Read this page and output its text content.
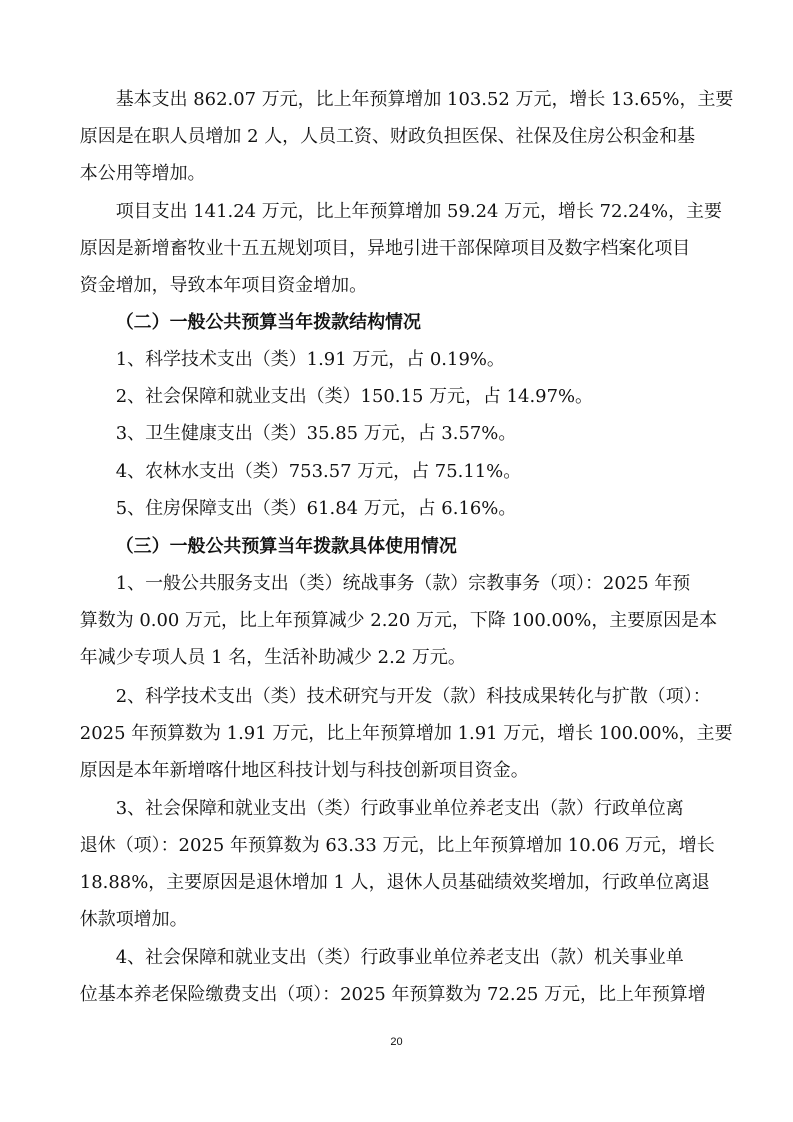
基本支出 862.07 万元，比上年预算增加 103.52 万元，增长 13.65%，主要
原因是在职人员增加 2 人，人员工资、财政负担医保、社保及住房公积金和基
本公用等增加。
项目支出 141.24 万元，比上年预算增加 59.24 万元，增长 72.24%，主要
原因是新增畜牧业十五五规划项目，异地引进干部保障项目及数字档案化项目
资金增加，导致本年项目资金增加。
（二）一般公共预算当年拨款结构情况
1、科学技术支出（类）1.91 万元，占 0.19%。
2、社会保障和就业支出（类）150.15 万元，占 14.97%。
3、卫生健康支出（类）35.85 万元，占 3.57%。
4、农林水支出（类）753.57 万元，占 75.11%。
5、住房保障支出（类）61.84 万元，占 6.16%。
（三）一般公共预算当年拨款具体使用情况
1、一般公共服务支出（类）统战事务（款）宗教事务（项）：2025 年预
算数为 0.00 万元，比上年预算减少 2.20 万元，下降 100.00%，主要原因是本
年减少专项人员 1 名，生活补助减少 2.2 万元。
2、科学技术支出（类）技术研究与开发（款）科技成果转化与扩散（项）：
2025 年预算数为 1.91 万元，比上年预算增加 1.91 万元，增长 100.00%，主要
原因是本年新增喀什地区科技计划与科技创新项目资金。
3、社会保障和就业支出（类）行政事业单位养老支出（款）行政单位离
退休（项）：2025 年预算数为 63.33 万元，比上年预算增加 10.06 万元，增长
18.88%，主要原因是退休增加 1 人，退休人员基础绩效奖增加，行政单位离退
休款项增加。
4、社会保障和就业支出（类）行政事业单位养老支出（款）机关事业单
位基本养老保险缴费支出（项）：2025 年预算数为 72.25 万元，比上年预算增
20
